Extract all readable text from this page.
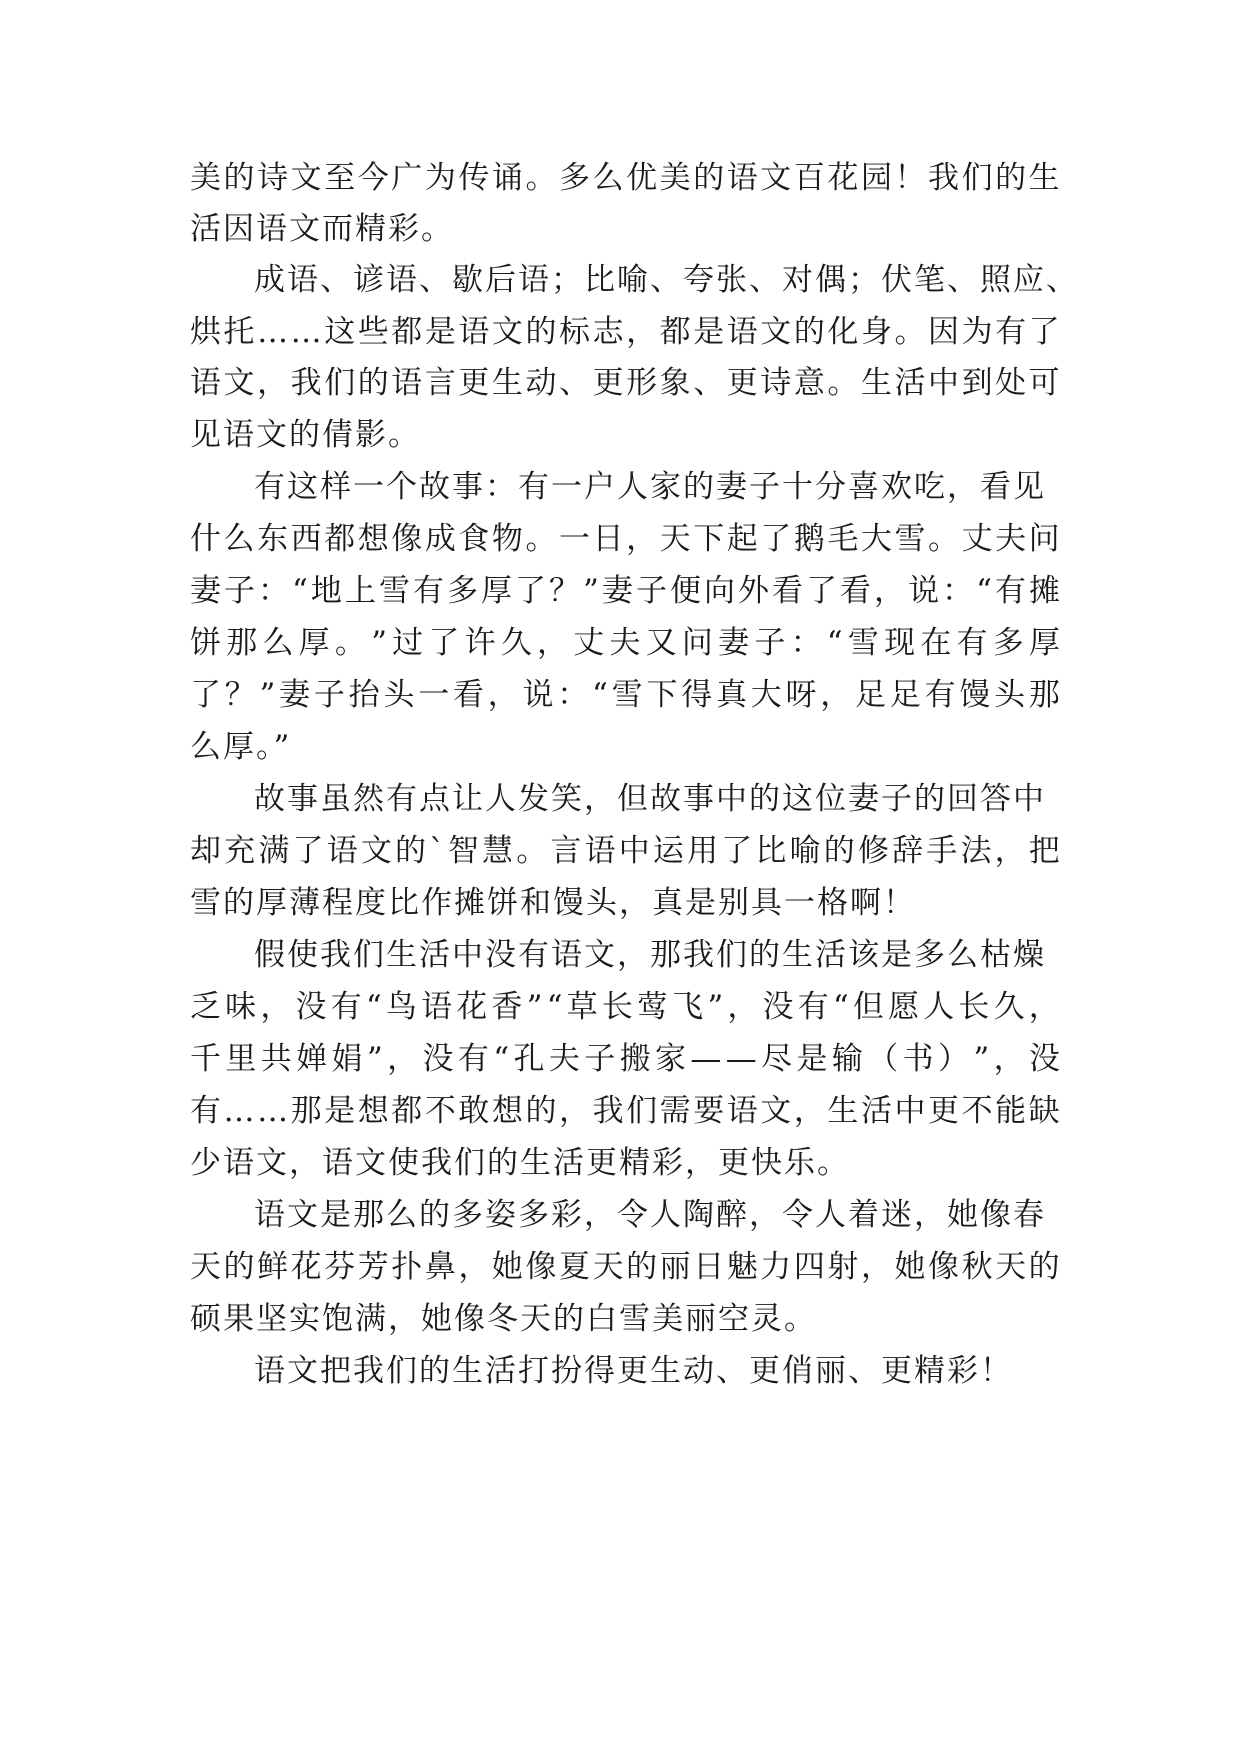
美 的 诗 文 至 今 广 为 传 诵 。 多 么 优 美 的 语 文 百 花 园 ！ 我 们 的 生
活因语文而精彩。
成语、谚语、歇后语；比喻、夸张、对偶；伏笔、照应、
烘 托 … … 这 些 都 是 语 文 的 标 志 ， 都 是 语 文 的 化 身 。 因 为 有 了
语 文 ， 我 们 的 语 言 更 生 动 、 更 形 象 、 更 诗 意 。 生 活 中 到 处 可
见语文的倩影。
有这样一个故事：有一户人家的妻子十分喜欢吃，看见
什 么 东 西 都 想 像 成 食 物 。 一 日 ， 天 下 起 了 鹅 毛 大 雪 。 丈 夫 问
妻 子 ： “ 地 上 雪 有 多 厚 了 ？ ” 妻 子 便 向 外 看 了 看 ， 说 ： “ 有 摊
饼 那 么 厚 。 ” 过 了 许 久 ， 丈 夫 又 问 妻 子 ： “ 雪 现 在 有 多 厚
了 ？ ” 妻 子 抬 头 一 看 ， 说 ： “ 雪 下 得 真 大 呀 ， 足 足 有 馒 头 那
么厚。”
故事虽然有点让人发笑，但故事中的这位妻子的回答中
却 充 满 了 语 文 的 ` 智 慧 。 言 语 中 运 用 了 比 喻 的 修 辞 手 法 ， 把
雪的厚薄程度比作摊饼和馒头，真是别具一格啊！
假使我们生活中没有语文，那我们的生活该是多么枯燥
乏 味 ， 没 有 “ 鸟 语 花 香 ” “ 草 长 莺 飞 ” ， 没 有 “ 但 愿 人 长 久 ，
千 里 共 婵 娟 ” ， 没 有 “ 孔 夫 子 搬 家 — — 尽 是 输 （ 书 ） ” ， 没
有 … … 那 是 想 都 不 敢 想 的 ， 我 们 需 要 语 文 ， 生 活 中 更 不 能 缺
少语文，语文使我们的生活更精彩，更快乐。
语文是那么的多姿多彩，令人陶醉，令人着迷，她像春
天 的 鲜 花 芬 芳 扑 鼻 ， 她 像 夏 天 的 丽 日 魅 力 四 射 ， 她 像 秋 天 的
硕果坚实饱满，她像冬天的白雪美丽空灵。
语文把我们的生活打扮得更生动、更俏丽、更精彩！
